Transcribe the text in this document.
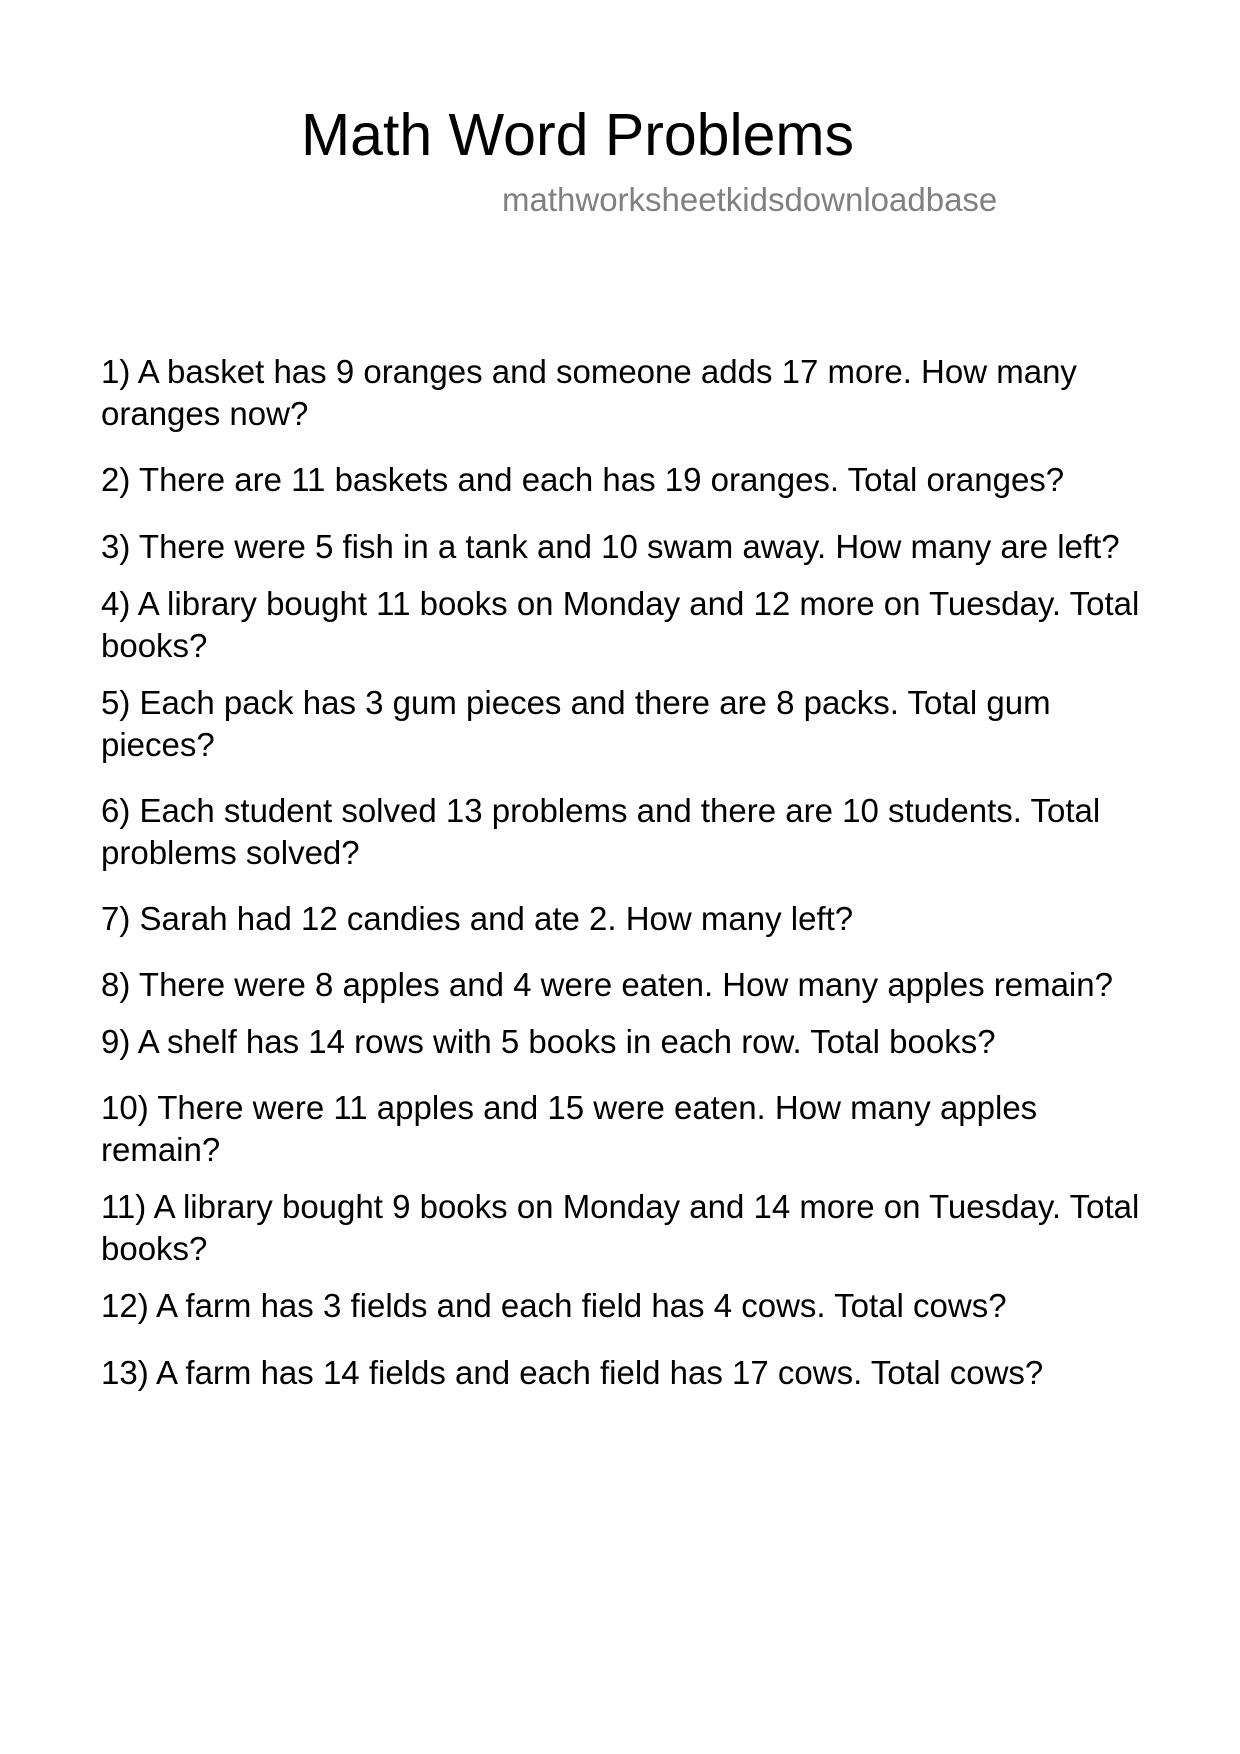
Math Word Problems
mathworksheetkidsdownloadbase
1) A basket has 9 oranges and someone adds 17 more. How many oranges now?
2) There are 11 baskets and each has 19 oranges. Total oranges?
3) There were 5 fish in a tank and 10 swam away. How many are left?
4) A library bought 11 books on Monday and 12 more on Tuesday. Total books?
5) Each pack has 3 gum pieces and there are 8 packs. Total gum pieces?
6) Each student solved 13 problems and there are 10 students. Total problems solved?
7) Sarah had 12 candies and ate 2. How many left?
8) There were 8 apples and 4 were eaten. How many apples remain?
9) A shelf has 14 rows with 5 books in each row. Total books?
10) There were 11 apples and 15 were eaten. How many apples remain?
11) A library bought 9 books on Monday and 14 more on Tuesday. Total books?
12) A farm has 3 fields and each field has 4 cows. Total cows?
13) A farm has 14 fields and each field has 17 cows. Total cows?
